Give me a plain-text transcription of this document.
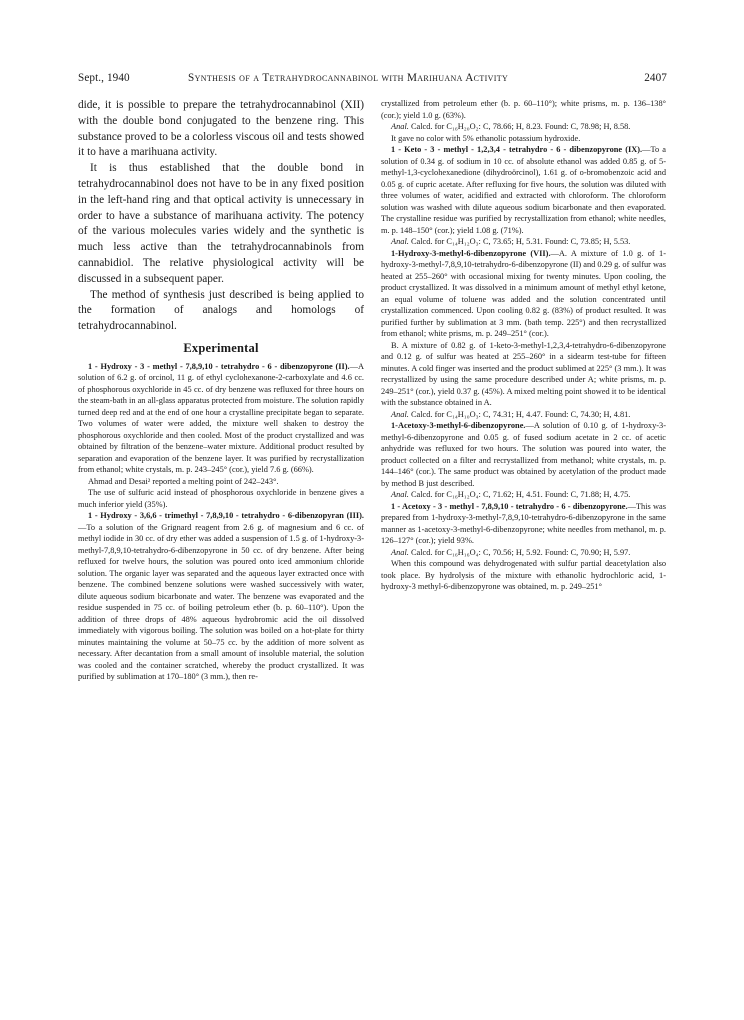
Sept., 1940	Synthesis of a Tetrahydrocannabinol with Marihuana Activity	2407

dide, it is possible to prepare the tetrahydrocannabinol (XII) with the double bond conjugated to the benzene ring. This substance proved to be a colorless viscous oil and tests showed it to have a marihuana activity.

It is thus established that the double bond in tetrahydrocannabinol does not have to be in any fixed position in the left-hand ring and that optical activity is unnecessary in order to have a substance of marihuana activity. The potency of the various molecules varies widely and the synthetic is much less active than the tetrahydrocannabinols from cannabidiol. The relative physiological activity will be discussed in a subsequent paper.

The method of synthesis just described is being applied to the formation of analogs and homologs of tetrahydrocannabinol.

Experimental

1 - Hydroxy - 3 - methyl - 7,8,9,10 - tetrahydro - 6 - dibenzopyrone (II).—A solution of 6.2 g. of orcinol, 11 g. of ethyl cyclohexanone-2-carboxylate and 4.6 cc. of phosphorous oxychloride in 45 cc. of dry benzene was refluxed for three hours on the steam-bath in an all-glass apparatus protected from moisture. The solution rapidly turned deep red and at the end of one hour a crystalline precipitate began to separate. Two volumes of water were added, the mixture well shaken to destroy the phosphorous oxychloride and then cooled. Most of the product crystallized and was obtained by filtration of the benzene–water mixture. Additional product resulted by separation and evaporation of the benzene layer. It was purified by recrystallization from ethanol; white crystals, m. p. 243–245° (cor.), yield 7.6 g. (66%).

Ahmad and Desai² reported a melting point of 242–243°.

The use of sulfuric acid instead of phosphorous oxychloride in benzene gives a much inferior yield (35%).

1 - Hydroxy - 3,6,6 - trimethyl - 7,8,9,10 - tetrahydro - 6-dibenzopyran (III).—To a solution of the Grignard reagent from 2.6 g. of magnesium and 6 cc. of methyl iodide in 30 cc. of dry ether was added a suspension of 1.5 g. of 1-hydroxy-3-methyl-7,8,9,10-tetrahydro-6-dibenzopyrone in 50 cc. of dry benzene. After being refluxed for twelve hours, the solution was poured onto iced ammonium chloride solution. The organic layer was separated and the aqueous layer extracted once with benzene. The combined benzene solutions were washed successively with water, dilute aqueous sodium bicarbonate and water. The benzene was evaporated and the residue suspended in 75 cc. of boiling petroleum ether (b. p. 60–110°). Upon the addition of three drops of 48% aqueous hydrobromic acid the oil dissolved immediately with vigorous boiling. The solution was boiled on a hot-plate for thirty minutes maintaining the volume at 50–75 cc. by the addition of more solvent as necessary. After decantation from a small amount of insoluble material, the solution was cooled and the container scratched, whereby the product crystallized. It was purified by sublimation at 170–180° (3 mm.), then re-

crystallized from petroleum ether (b. p. 60–110°); white prisms, m. p. 136–138° (cor.); yield 1.0 g. (63%).

Anal. Calcd. for C₁₆H₂₀O₂: C, 78.66; H, 8.23. Found: C, 78.98; H, 8.58.

It gave no color with 5% ethanolic potassium hydroxide.

1 - Keto - 3 - methyl - 1,2,3,4 - tetrahydro - 6 - dibenzopyrone (IX).—To a solution of 0.34 g. of sodium in 10 cc. of absolute ethanol was added 0.85 g. of 5-methyl-1,3-cyclohexanedione (dihydroörcinol), 1.61 g. of o-bromobenzoic acid and 0.05 g. of cupric acetate. After refluxing for five hours, the solution was diluted with three volumes of water, acidified and extracted with chloroform. The chloroform solution was washed with dilute aqueous sodium bicarbonate and then evaporated. The crystalline residue was purified by recrystallization from ethanol; white needles, m. p. 148–150° (cor.); yield 1.08 g. (71%).

Anal. Calcd. for C₁₄H₁₂O₃: C, 73.65; H, 5.31. Found: C, 73.85; H, 5.53.

1-Hydroxy-3-methyl-6-dibenzopyrone (VII).—A. A mixture of 1.0 g. of 1-hydroxy-3-methyl-7,8,9,10-tetrahydro-6-dibenzopyrone (II) and 0.29 g. of sulfur was heated at 255–260° with occasional mixing for twenty minutes. Upon cooling, the product crystallized. It was dissolved in a minimum amount of methyl ethyl ketone, an equal volume of toluene was added and the solution concentrated until crystallization commenced. Upon cooling 0.82 g. (83%) of product resulted. It was purified further by sublimation at 3 mm. (bath temp. 225°) and then recrystallized from ethanol; white prisms, m. p. 249–251° (cor.).

B. A mixture of 0.82 g. of 1-keto-3-methyl-1,2,3,4-tetrahydro-6-dibenzopyrone and 0.12 g. of sulfur was heated at 255–260° in a sidearm test-tube for fifteen minutes. A cold finger was inserted and the product sublimed at 225° (3 mm.). It was recrystallized by using the same procedure described under A; white prisms, m. p. 249–251° (cor.), yield 0.37 g. (45%). A mixed melting point showed it to be identical with the substance obtained in A.

Anal. Calcd. for C₁₄H₁₀O₃: C, 74.31; H, 4.47. Found: C, 74.30; H, 4.81.

1-Acetoxy-3-methyl-6-dibenzopyrone.—A solution of 0.10 g. of 1-hydroxy-3-methyl-6-dibenzopyrone and 0.05 g. of fused sodium acetate in 2 cc. of acetic anhydride was refluxed for two hours. The solution was poured into water, the product collected on a filter and recrystallized from methanol; white crystals, m. p. 144–146° (cor.). The same product was obtained by acetylation of the product made by method B just described.

Anal. Calcd. for C₁₆H₁₂O₄: C, 71.62; H, 4.51. Found: C, 71.88; H, 4.75.

1 - Acetoxy - 3 - methyl - 7,8,9,10 - tetrahydro - 6 - dibenzopyrone.—This was prepared from 1-hydroxy-3-methyl-7,8,9,10-tetrahydro-6-dibenzopyrone in the same manner as 1-acetoxy-3-methyl-6-dibenzopyrone; white needles from methanol, m. p. 126–127° (cor.); yield 93%.

Anal. Calcd. for C₁₆H₁₆O₄: C, 70.56; H, 5.92. Found: C, 70.90; H, 5.97.

When this compound was dehydrogenated with sulfur partial deacetylation also took place. By hydrolysis of the mixture with ethanolic hydrochloric acid, 1-hydroxy-3 methyl-6-dibenzopyrone was obtained, m. p. 249–251°
